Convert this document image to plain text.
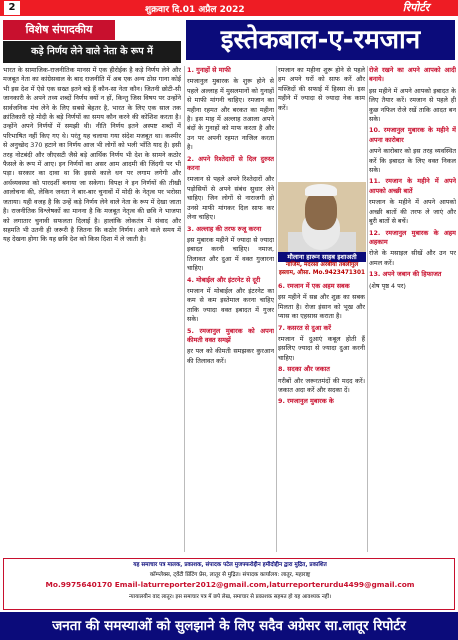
2	शुक्रवार दि.01 अप्रैल 2022	रिपोर्टर
विशेष संपादकीय
कड़े निर्णय लेने वाले नेता के रूप में
भारत के सामाजिक-राजनीतिक मानस में एक हीरोईक है कड़े निर्णय लेने और मजबूत नेता का कांग्रेसवाल के बाद राजनीति में अब एक अन्य ठोस गाना कोई भी इस देश में ऐसे एक सख्त इतने बड़े हैं कौन-सा नेता कौन। जितनी छोटी-सी जानकारी के अपने तथ्य शब्दों निर्णय क्यों न हों, किन्तु जिस विषय पर उन्होंने सार्वजनिक मंच लेने के लिए सबसे बेहतर है, भारत के लिए एक साल तक क्रांतिकारी रहे मोदी के बड़े निर्णयों का समय कौन करने की कोशिश करता है। उन्होंने अपने निर्णयों में समझी थी। नीति निर्णय इतने अस्पष्ट शब्दों में परिभाषित नहीं किए गए थे। परंतु यह चलाया गया संदेश मजबूत था। कश्मीर से अनुच्छेद 370 हटाने का निर्णय आज भी लोगों को भली भाँति याद है। इसी तरह नोटबंदी और जीएसटी जैसे बड़े आर्थिक निर्णय भी देश के सामने कठोर फैसले के रूप में आए। इन निर्णयों का असर आम आदमी की जिंदगी पर भी पड़ा। सरकार का दावा था कि इससे काले धन पर लगाम लगेगी और अर्थव्यवस्था को पारदर्शी बनाया जा सकेगा। विपक्ष ने इन निर्णयों की तीखी आलोचना की, लेकिन जनता ने बार-बार चुनावों में मोदी के नेतृत्व पर भरोसा जताया। यही वजह है कि उन्हें कड़े निर्णय लेने वाले नेता के रूप में देखा जाता है। राजनीतिक विश्लेषकों का मानना है कि मजबूत नेतृत्व की छवि ने भाजपा को लगातार चुनावी सफलता दिलाई है। हालांकि लोकतंत्र में संवाद और सहमति भी उतनी ही जरूरी है जितना कि कठोर निर्णय। आने वाले समय में यह देखना होगा कि यह छवि देश को किस दिशा में ले जाती है।
इस्तेकबाल-ए-रमजान

1. गुनाहों से माफी

रमजानुल मुबारक के शुरू होने से पहले अल्लाह में मुसलमानों को गुनाहों से माफी मांगनी चाहिए। रमजान का महीना रहमत और बरकत का महीना है। इस माह में अल्लाह तआला अपने बंदों के गुनाहों को माफ करता है और उन पर अपनी रहमत नाजिल करता है।

2. अपने रिश्तेदारों से दिल दुरुस्त करना

रमजान से पहले अपने रिश्तेदारों और पड़ोसियों से अपने संबंध सुधार लेने चाहिए। जिन लोगों से नाराजगी हो उनसे माफी मांगकर दिल साफ कर लेना चाहिए।

3. अल्लाह की तरफ रुजू करना

इस मुबारक महीने में ज्यादा से ज्यादा इबादत करनी चाहिए। नमाज, तिलावत और दुआ में वक्त गुजारना चाहिए।

4. मोबाईल और इंटरनेट से दूरी

रमजान में मोबाईल और इंटरनेट का कम से कम इस्तेमाल करना चाहिए ताकि ज्यादा वक्त इबादत में गुजर सके।

5. रमजानुल मुबारक को अपना कीमती वक्त समझें

हर पल को कीमती समझकर कुरआन की तिलावत करें।

रमजान का महीना शुरू होने से पहले हम अपने घरों को साफ करें और मस्जिदों की सफाई में हिस्सा लें। इस महीने में ज्यादा से ज्यादा नेक काम करें।

मौलाना हारून साहब इशाअती
नाजिम, मदरसा अरबीया तबलीगुल इस्लाम, औसा. Mo.9423471301

6. रमजान में एक अहम सबक

इस महीने में सब्र और शुक्र का सबक मिलता है। रोजा इंसान को भूख और प्यास का एहसास कराता है।

7. कसरत से दुआ करें

रमजान में दुआएं कबूल होती हैं इसलिए ज्यादा से ज्यादा दुआ करनी चाहिए।

8. सदका और जकात

गरीबों और जरूरतमंदों की मदद करें। जकात अदा करें और सदका दें।

9. रमजानुल मुबारक के

रोजे रखने का अपने आपको आदी बनाये।

इस महीने में अपने आपको इबादत के लिए तैयार करें। रमजान से पहले ही कुछ नफिल रोजे रखें ताकि आदत बन सके।

10. रमजानुल मुबारक के महीने में अपना कारोबार

अपने कारोबार को इस तरह व्यवस्थित करें कि इबादत के लिए वक्त निकल सके।

11. रमजान के महीने में अपने आपको अच्छी बातें

रमजान के महीने में अपने आपको अच्छी बातों की तरफ ले जाएं और बुरी बातों से बचें।

12. रमजानुल मुबारक के अहम अहकाम

रोजे के मसाइल सीखें और उन पर अमल करें।

13. अपने जबान की हिफाजत

(शेष पृष्ठ 4 पर)

यह समाचार पत्र मालक, प्रकाशक, संपादक पटेल मुजफ्फरोद्दीन हमीदोद्दीन द्वारा मुद्रित, प्रकाशित
कॉम्प्लेक्स, ट्वेंटी प्रिंटिंग प्रेस, लातूर से मुद्रित। संपादक कार्यालय: लातूर, महाराष्ट्र
Mo.9975640170 Email-laturreporter2012@gmail.com,laturreporterurdu4499@gmail.com
न्यायालयीन वाद लातूर। इस समाचार पत्र में छपे लेख, समाचार से प्रकाशक सहमत हो यह आवश्यक नहीं।
जनता की समस्याओं को सुलझाने के लिए सदैव अग्रेसर सा.लातूर रिपोर्टर
